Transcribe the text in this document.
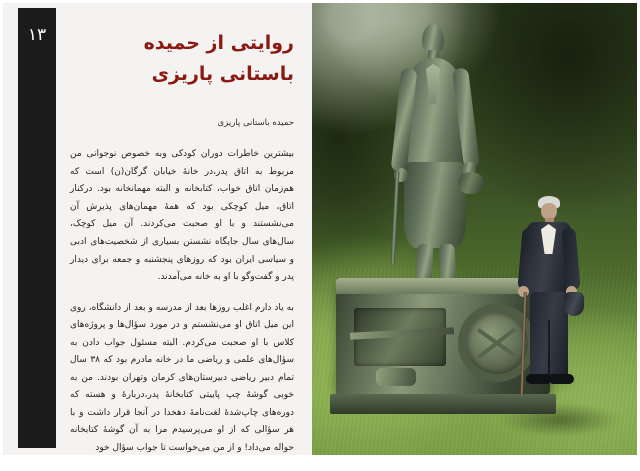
۱۳	روایتی از حمیده
باستانی پاریزی
حمیده باستانی پاریزی

بیشترین خاطرات دوران کودکی وبه خصوص نوجوانی من مربوط به اتاق پدر،در خانهٔ خیابان گرگان(ن) است که هم‌زمان اتاق خواب، کتابخانه و البته مهمانخانه بود. درکنار اتاق، میل کوچکی بود که همهٔ مهمان‌های پذیرش آن می‌نشستند و با او صحبت می‌کردند. آن میل کوچک، سال‌های سال جایگاه نشستن بسیاری از شخصیت‌های ادبی و سیاسی ایران بود که روزهای پنجشنبه و جمعه برای دیدار پدر و گفت‌وگو با او به خانه می‌آمدند.

به یاد دارم اغلب روزها بعد از مدرسه و بعد از دانشگاه، روی این میل اتاق او می‌نشستم و در مورد سؤال‌ها و پروژه‌های کلاس با او صحبت می‌کردم. البته مسئول جواب دادن به سؤال‌های علمی و ریاضی ما در خانه مادرم بود که ۳۸ سال تمام دبیر ریاضی دبیرستان‌های کرمان وتهران بودند. من به خوبی گوشهٔ چپ پاییتی کتابخانهٔ پدر،دربارهٔ و هسته که دوره‌های چاپ‌شدهٔ لغت‌نامهٔ دهخدا در آنجا قرار داشت و با هر سؤالی که از او می‌پرسیدم مرا به آن گوشهٔ کتابخانه حواله می‌داد! و از من می‌خواست تا جواب سؤال خود
